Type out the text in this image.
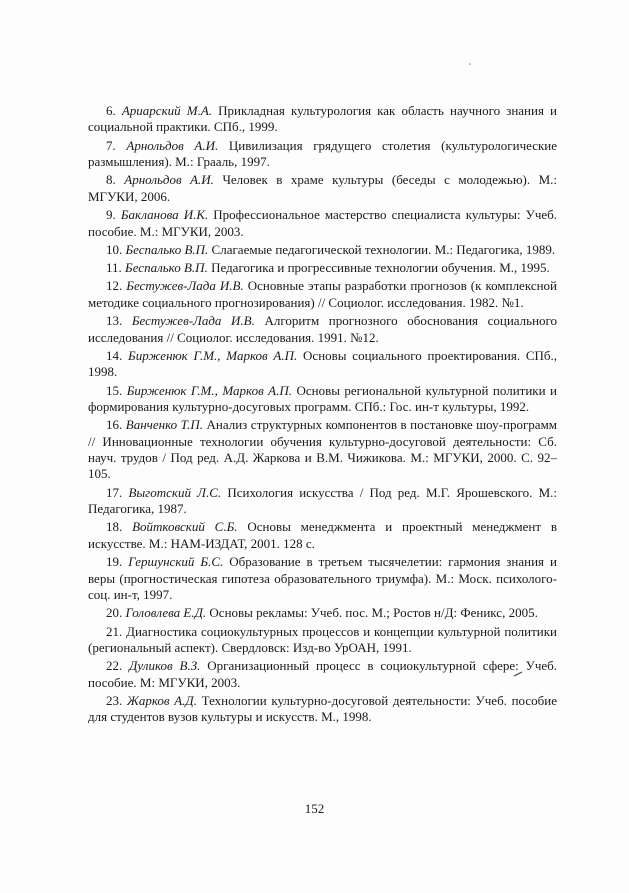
6. Ариарский М.А. Прикладная культурология как область научного знания и социальной практики. СПб., 1999.

7. Арнольдов А.И. Цивилизация грядущего столетия (культурологические размышления). М.: Грааль, 1997.

8. Арнольдов А.И. Человек в храме культуры (беседы с молодежью). М.: МГУКИ, 2006.

9. Бакланова И.К. Профессиональное мастерство специалиста культуры: Учеб. пособие. М.: МГУКИ, 2003.

10. Беспалько В.П. Слагаемые педагогической технологии. М.: Педагогика, 1989.

11. Беспалько В.П. Педагогика и прогрессивные технологии обучения. М., 1995.

12. Бестужев-Лада И.В. Основные этапы разработки прогнозов (к комплексной методике социального прогнозирования) // Социолог. исследования. 1982. №1.

13. Бестужев-Лада И.В. Алгоритм прогнозного обоснования социального исследования // Социолог. исследования. 1991. №12.

14. Бирженюк Г.М., Марков А.П. Основы социального проектирования. СПб., 1998.

15. Бирженюк Г.М., Марков А.П. Основы региональной культурной политики и формирования культурно-досуговых программ. СПб.: Гос. ин-т культуры, 1992.

16. Ванченко Т.П. Анализ структурных компонентов в постановке шоу-программ // Инновационные технологии обучения культурно-досуговой деятельности: Сб. науч. трудов / Под ред. А.Д. Жаркова и В.М. Чижикова. М.: МГУКИ, 2000. С. 92–105.

17. Выготский Л.С. Психология искусства / Под ред. М.Г. Ярошевского. М.: Педагогика, 1987.

18. Войтковский С.Б. Основы менеджмента и проектный менеджмент в искусстве. М.: НАМ-ИЗДАТ, 2001. 128 с.

19. Гершунский Б.С. Образование в третьем тысячелетии: гармония знания и веры (прогностическая гипотеза образовательного триумфа). М.: Моск. психолого-соц. ин-т, 1997.

20. Головлева Е.Д. Основы рекламы: Учеб. пос. М.; Ростов н/Д: Феникс, 2005.

21. Диагностика социокультурных процессов и концепции культурной политики (региональный аспект). Свердловск: Изд-во УрОАН, 1991.

22. Дуликов В.З. Организационный процесс в социокультурной сфере: Учеб. пособие. М: МГУКИ, 2003.

23. Жарков А.Д. Технологии культурно-досуговой деятельности: Учеб. пособие для студентов вузов культуры и искусств. М., 1998.

152
